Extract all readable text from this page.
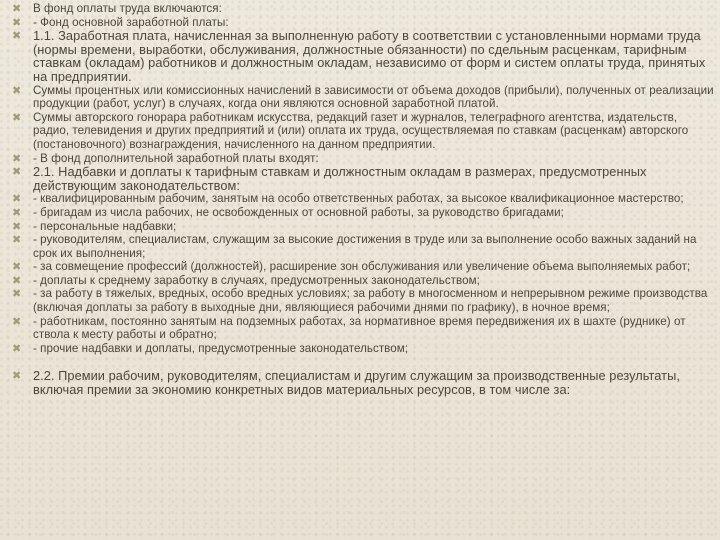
✖ В фонд оплаты труда включаются:
✖ - Фонд основной заработной платы:
✖ 1.1. Заработная плата, начисленная за выполненную работу в соответствии с установленными нормами труда (нормы времени, выработки, обслуживания, должностные обязанности) по сдельным расценкам, тарифным ставкам (окладам) работников и должностным окладам, независимо от форм и систем оплаты труда, принятых на предприятии.
✖ Суммы процентных или комиссионных начислений в зависимости от объема доходов (прибыли), полученных от реализации продукции (работ, услуг) в случаях, когда они являются основной заработной платой.
✖ Суммы авторского гонорара работникам искусства, редакций газет и журналов, телеграфного агентства, издательств, радио, телевидения и других предприятий и (или) оплата их труда, осуществляемая по ставкам (расценкам) авторского (постановочного) вознаграждения, начисленного на данном предприятии.
✖ - В фонд дополнительной заработной платы входят:
✖ 2.1. Надбавки и доплаты к тарифным ставкам и должностным окладам в размерах, предусмотренных действующим законодательством:
✖ - квалифицированным рабочим, занятым на особо ответственных работах, за высокое квалификационное мастерство;
✖ - бригадам из числа рабочих, не освобожденных от основной работы, за руководство бригадами;
✖ - персональные надбавки;
✖ - руководителям, специалистам, служащим за высокие достижения в труде или за выполнение особо важных заданий на срок их выполнения;
✖ - за совмещение профессий (должностей), расширение зон обслуживания или увеличение объема выполняемых работ;
✖ - доплаты к среднему заработку в случаях, предусмотренных законодательством;
✖ - за работу в тяжелых, вредных, особо вредных условиях; за работу в многосменном и непрерывном режиме производства (включая доплаты за работу в выходные дни, являющиеся рабочими днями по графику), в ночное время;
✖ - работникам, постоянно занятым на подземных работах, за нормативное время передвижения их в шахте (руднике) от ствола к месту работы и обратно;
✖ - прочие надбавки и доплаты, предусмотренные законодательством;
✖ 2.2. Премии рабочим, руководителям, специалистам и другим служащим за производственные результаты, включая премии за экономию конкретных видов материальных ресурсов, в том числе за:
